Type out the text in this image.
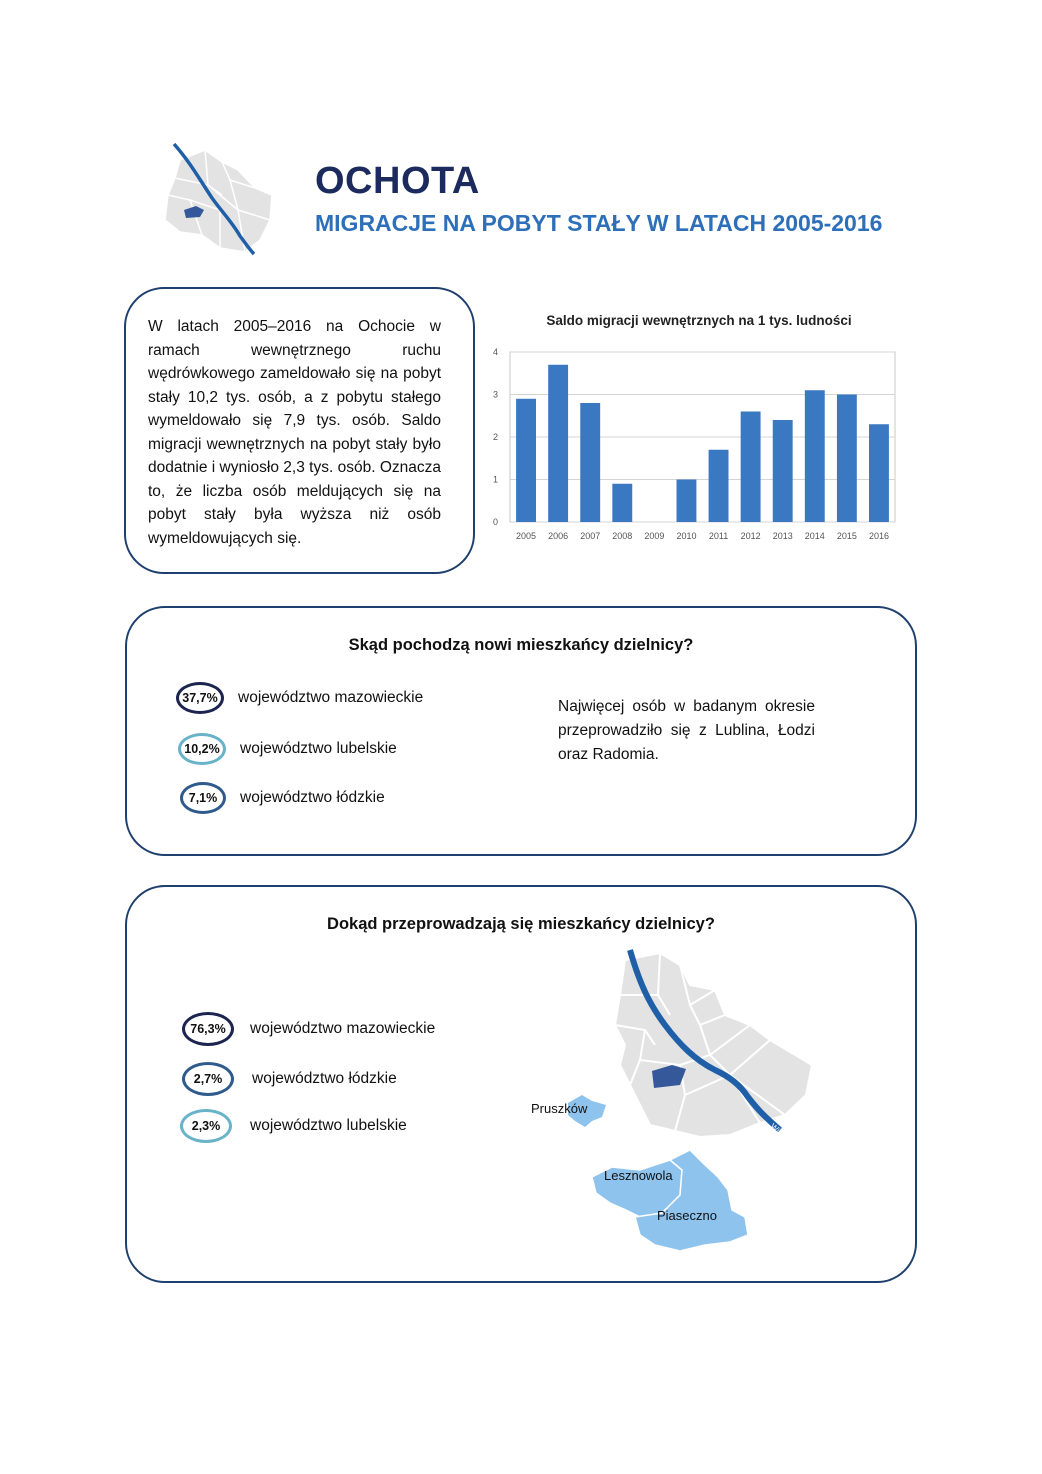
OCHOTA
MIGRACJE NA POBYT STAŁY W LATACH 2005-2016
W latach 2005–2016 na Ochocie w ramach wewnętrznego ruchu wędrówkowego zameldowało się na pobyt stały 10,2 tys. osób, a z pobytu stałego wymeldowało się 7,9 tys. osób. Saldo migracji wewnętrznych na pobyt stały było dodatnie i wyniosło 2,3 tys. osób. Oznacza to, że liczba osób meldujących się na pobyt stały była wyższa niż osób wymeldowujących się.
Saldo migracji wewnętrznych na 1 tys. ludności
0
1
2
3
4
2005 2006 2007 2008 2009 2010 2011 2012 2013 2014 2015 2016
Skąd pochodzą nowi mieszkańcy dzielnicy?
37,7%	województwo mazowieckie
10,2%	województwo lubelskie
7,1%	województwo łódzkie
Najwięcej osób w badanym okresie przeprowadziło się z Lublina, Łodzi oraz Radomia.
Dokąd przeprowadzają się mieszkańcy dzielnicy?
76,3%	województwo mazowieckie
2,7%	województwo łódzkie
2,3%	województwo lubelskie	Wisła
Pruszków
Lesznowola
Piaseczno
